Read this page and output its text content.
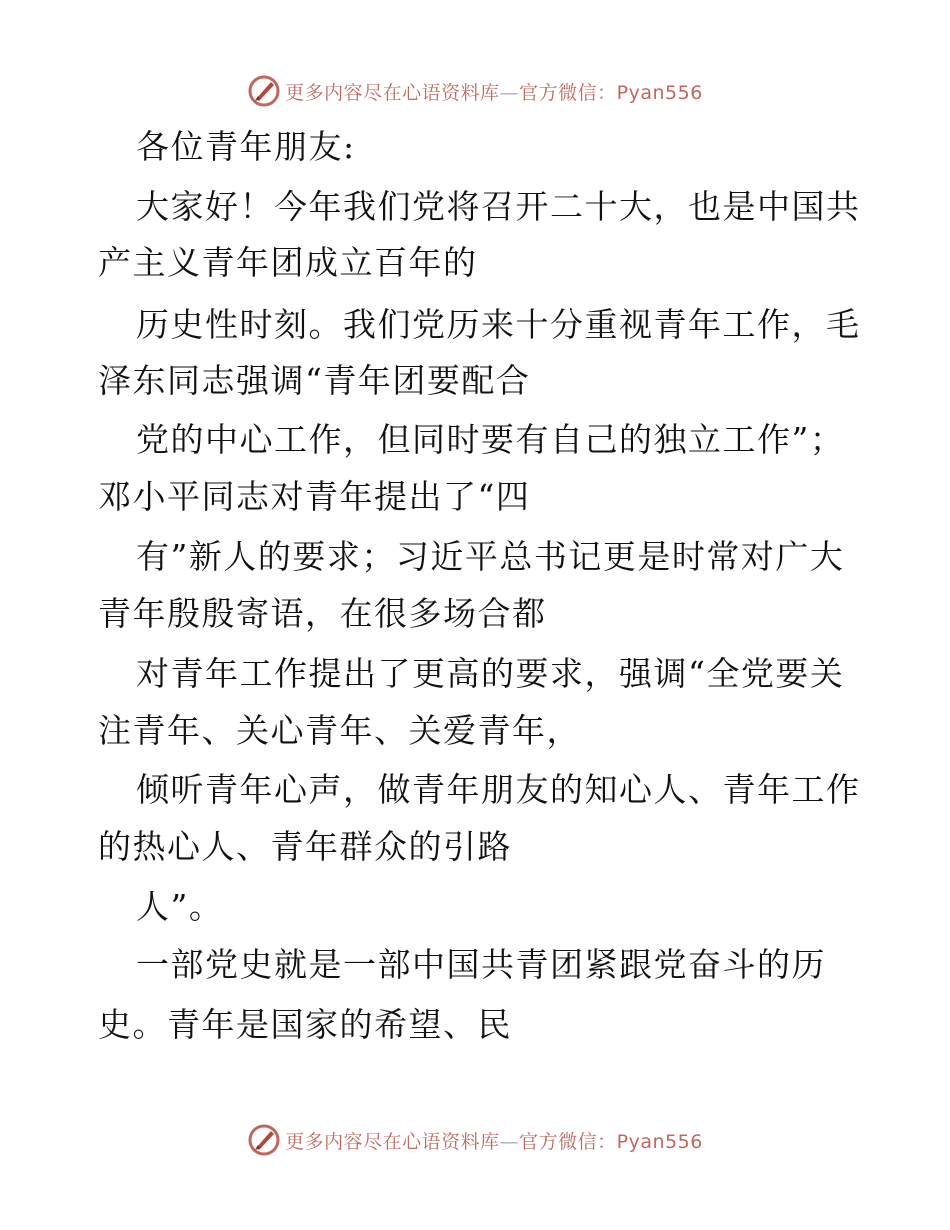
更多内容尽在心语资料库—官方微信：Pyan556
各位青年朋友:
大家好！今年我们党将召开二十大，也是中国共
产主义青年团成立百年的
历史性时刻。我们党历来十分重视青年工作，毛
泽东同志强调“青年团要配合
党的中心工作，但同时要有自己的独立工作”；
邓小平同志对青年提出了“四
有”新人的要求；习近平总书记更是时常对广大
青年殷殷寄语，在很多场合都
对青年工作提出了更高的要求，强调“全党要关
注青年、关心青年、关爱青年，
倾听青年心声，做青年朋友的知心人、青年工作
的热心人、青年群众的引路
人”。
一部党史就是一部中国共青团紧跟党奋斗的历
史。青年是国家的希望、民
更多内容尽在心语资料库—官方微信：Pyan556
